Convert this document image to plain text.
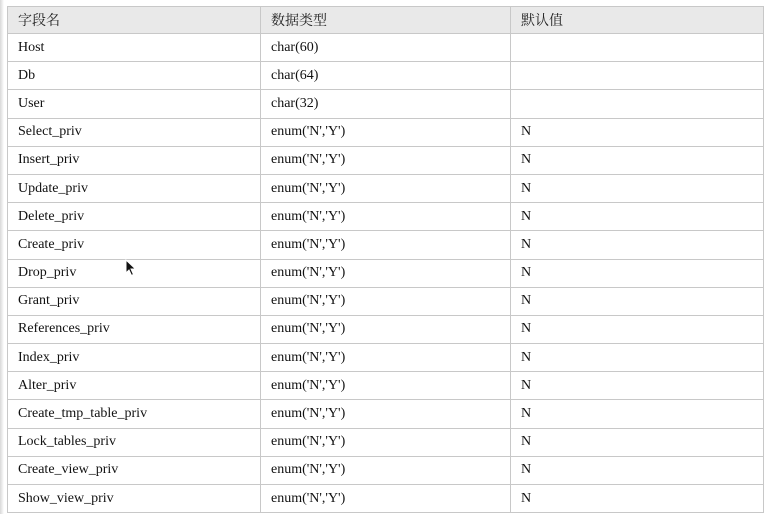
字段名	数据类型	默认值
Host	char(60)	
Db	char(64)	
User	char(32)	
Select_priv	enum('N','Y')	N
Insert_priv	enum('N','Y')	N
Update_priv	enum('N','Y')	N
Delete_priv	enum('N','Y')	N
Create_priv	enum('N','Y')	N
Drop_priv	enum('N','Y')	N
Grant_priv	enum('N','Y')	N
References_priv	enum('N','Y')	N
Index_priv	enum('N','Y')	N
Alter_priv	enum('N','Y')	N
Create_tmp_table_priv	enum('N','Y')	N
Lock_tables_priv	enum('N','Y')	N
Create_view_priv	enum('N','Y')	N
Show_view_priv	enum('N','Y')	N
